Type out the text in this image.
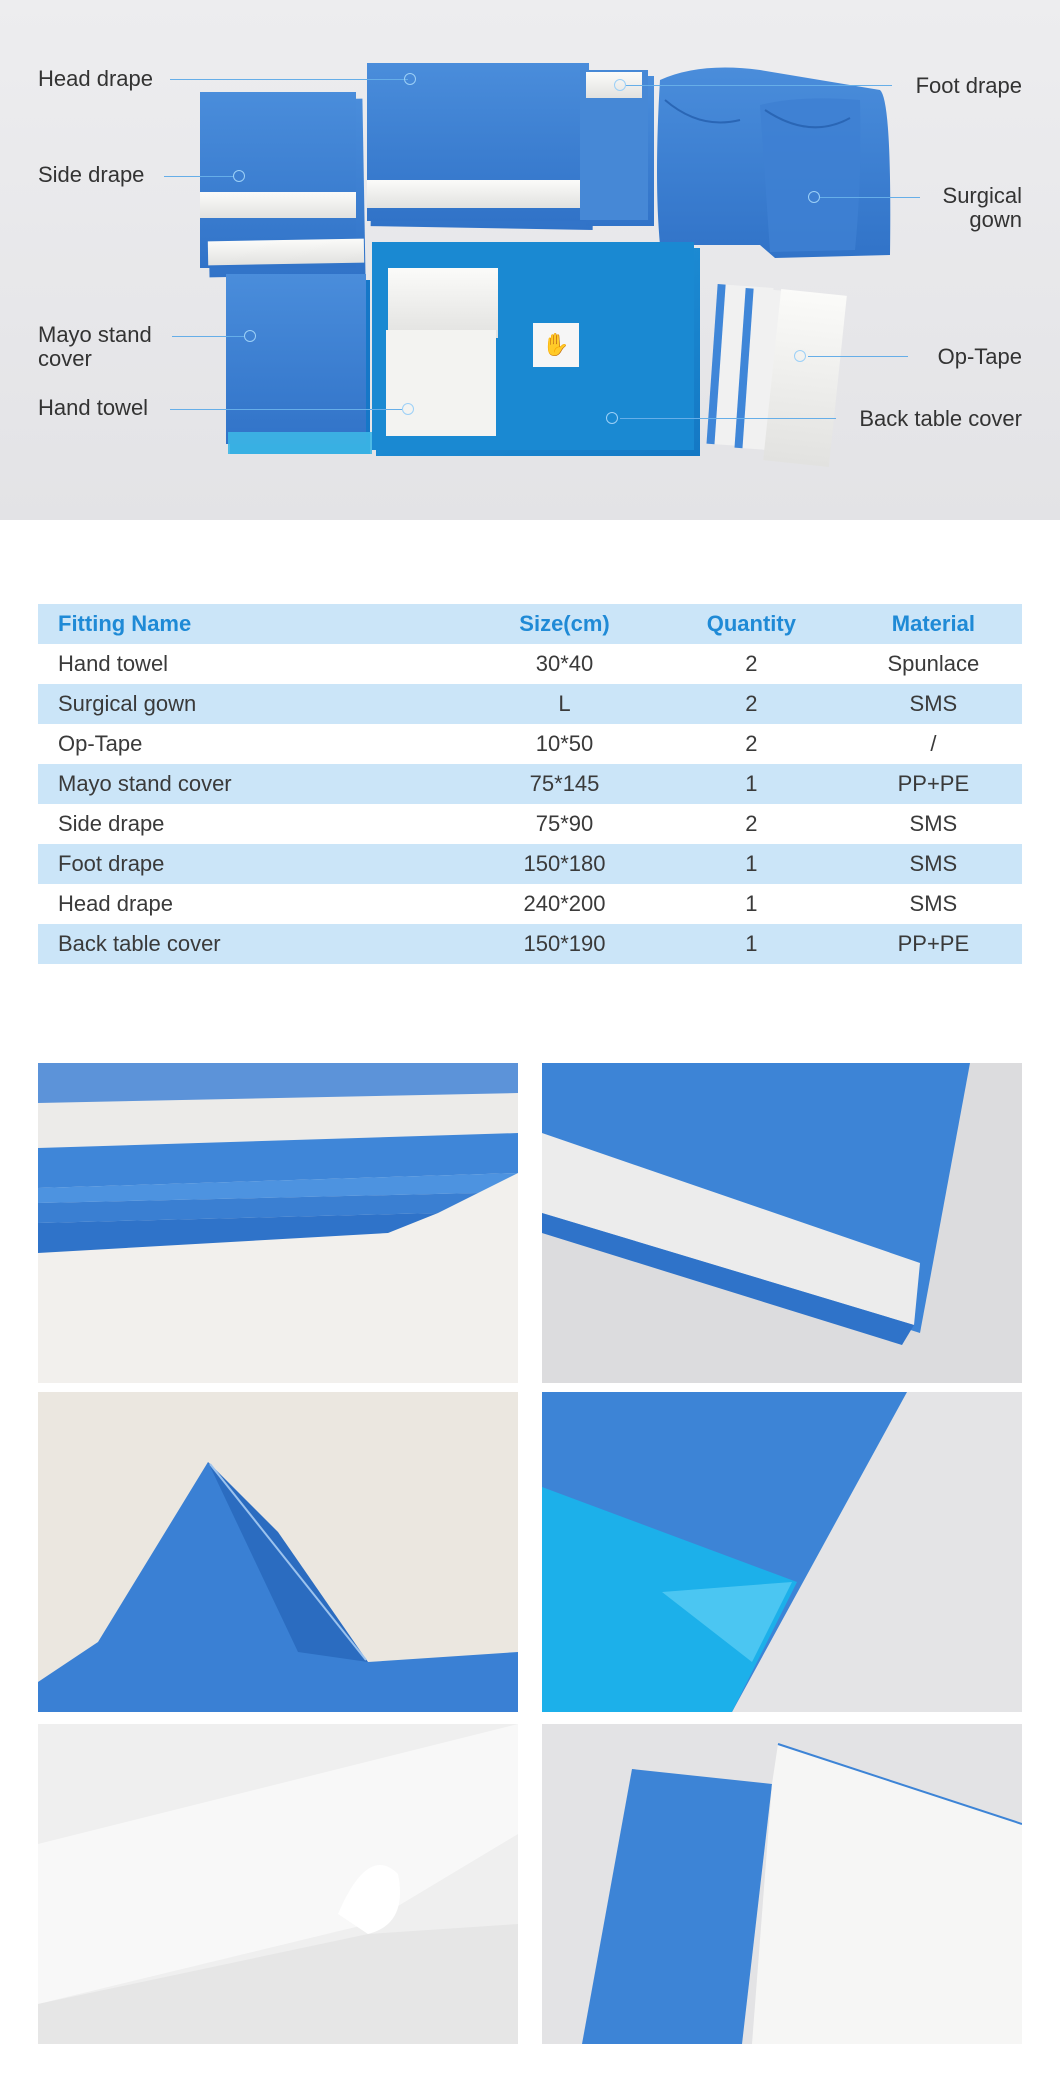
✋
Head drape
Side drape
Mayo stand
cover
Hand towel
Foot drape
Surgical
gown
Op-Tape
Back table cover
Fitting Name	Size(cm)	Quantity	Material
Hand towel	30*40	2	Spunlace
Surgical gown	L	2	SMS
Op-Tape	10*50	2	/
Mayo stand cover	75*145	1	PP+PE
Side drape	75*90	2	SMS
Foot drape	150*180	1	SMS
Head drape	240*200	1	SMS
Back table cover	150*190	1	PP+PE
